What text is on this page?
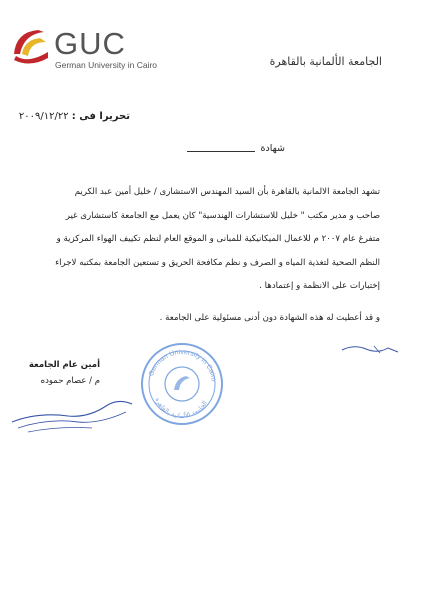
GUC
German University in Cairo	الجامعة الألمانية بالقاهرة
تحريرا فى : ٢٠٠٩/١٢/٢٢
شهادة

تشهد الجامعة الالمانية بالقاهرة بأن السيد المهندس الاستشارى / خليل أمين عبد الكريم

صاحب و مدير مكتب " خليل للاستشارات الهندسية" كان يعمل مع الجامعة كاستشارى غير

متفرغ عام ٢٠٠٧ م للاعمال الميكانيكية للمبانى و الموقع العام لنظم تكييف الهواء المركزية و

النظم الصحية لتغذية المياه و الصرف و نظم مكافحة الحريق و تستعين الجامعة بمكتبه لاجراء

إختبارات على الانظمة و إعتمادها .

و قد أعطيت له هذه الشهادة دون أدنى مسئولية على الجامعة .
أمين عام الجامعة
م / عصام حموده
German University in Cairo
الجامعة الألمانية بالقاهرة
